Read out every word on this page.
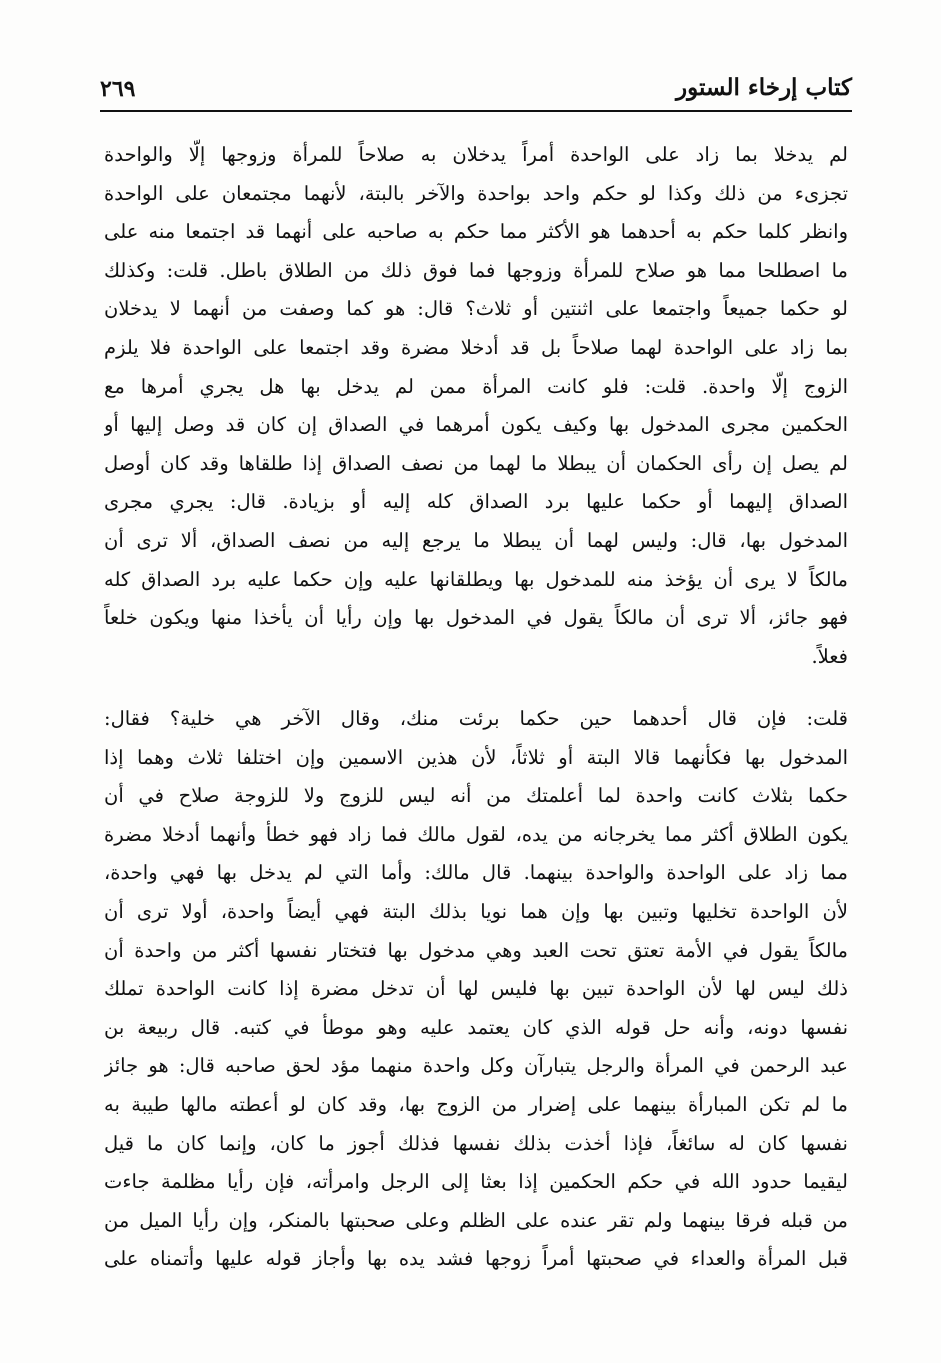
كتاب إرخاء الستور
٢٦٩
لم يدخلا بما زاد على الواحدة أمراً يدخلان به صلاحاً للمرأة وزوجها إلّا والواحدة
تجزىء من ذلك وكذا لو حكم واحد بواحدة والآخر بالبتة، لأنهما مجتمعان على الواحدة
وانظر كلما حكم به أحدهما هو الأكثر مما حكم به صاحبه على أنهما قد اجتمعا منه على
ما اصطلحا مما هو صلاح للمرأة وزوجها فما فوق ذلك من الطلاق باطل. قلت: وكذلك
لو حكما جميعاً واجتمعا على اثنتين أو ثلاث؟ قال: هو كما وصفت من أنهما لا يدخلان
بما زاد على الواحدة لهما صلاحاً بل قد أدخلا مضرة وقد اجتمعا على الواحدة فلا يلزم
الزوج إلّا واحدة. قلت: فلو كانت المرأة ممن لم يدخل بها هل يجري أمرها مع
الحكمين مجرى المدخول بها وكيف يكون أمرهما في الصداق إن كان قد وصل إليها أو
لم يصل إن رأى الحكمان أن يبطلا ما لهما من نصف الصداق إذا طلقاها وقد كان أوصل
الصداق إليهما أو حكما عليها برد الصداق كله إليه أو بزيادة. قال: يجري مجرى
المدخول بها، قال: وليس لهما أن يبطلا ما يرجع إليه من نصف الصداق، ألا ترى أن
مالكاً لا يرى أن يؤخذ منه للمدخول بها ويطلقانها عليه وإن حكما عليه برد الصداق كله
فهو جائز، ألا ترى أن مالكاً يقول في المدخول بها وإن رأيا أن يأخذا منها ويكون خلعاً
فعلاً.
قلت: فإن قال أحدهما حين حكما برئت منك، وقال الآخر هي خلية؟ فقال:
المدخول بها فكأنهما قالا البتة أو ثلاثاً، لأن هذين الاسمين وإن اختلفا ثلاث وهما إذا
حكما بثلاث كانت واحدة لما أعلمتك من أنه ليس للزوج ولا للزوجة صلاح في أن
يكون الطلاق أكثر مما يخرجانه من يده، لقول مالك فما زاد فهو خطأ وأنهما أدخلا مضرة
مما زاد على الواحدة والواحدة بينهما. قال مالك: وأما التي لم يدخل بها فهي واحدة،
لأن الواحدة تخليها وتبين بها وإن هما نويا بذلك البتة فهي أيضاً واحدة، أولا ترى أن
مالكاً يقول في الأمة تعتق تحت العبد وهي مدخول بها فتختار نفسها أكثر من واحدة أن
ذلك ليس لها لأن الواحدة تبين بها فليس لها أن تدخل مضرة إذا كانت الواحدة تملك
نفسها دونه، وأنه حل قوله الذي كان يعتمد عليه وهو موطأ في كتبه. قال ربيعة بن
عبد الرحمن في المرأة والرجل يتبارآن وكل واحدة منهما مؤد لحق صاحبه قال: هو جائز
ما لم تكن المبارأة بينهما على إضرار من الزوج بها، وقد كان لو أعطته مالها طيبة به
نفسها كان له سائغاً، فإذا أخذت بذلك نفسها فذلك أجوز ما كان، وإنما كان ما قيل
ليقيما حدود الله في حكم الحكمين إذا بعثا إلى الرجل وامرأته، فإن رأيا مظلمة جاءت
من قبله فرقا بينهما ولم تقر عنده على الظلم وعلى صحبتها بالمنكر، وإن رأيا الميل من
قبل المرأة والعداء في صحبتها أمراً زوجها فشد يده بها وأجاز قوله عليها وأتمناه على
